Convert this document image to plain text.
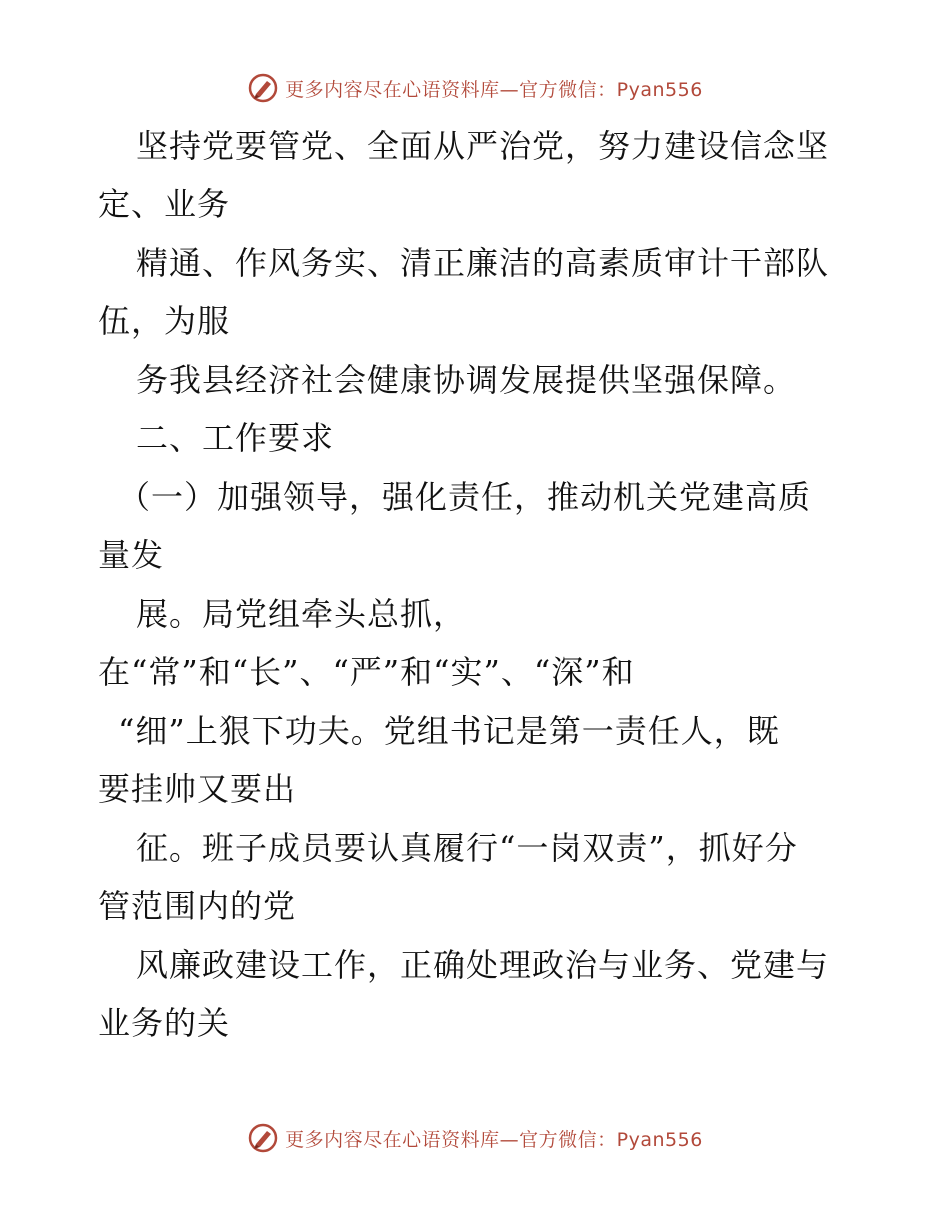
更多内容尽在心语资料库—官方微信：Pyan556
坚持党要管党、全面从严治党，努力建设信念坚
定、业务
精通、作风务实、清正廉洁的高素质审计干部队
伍，为服
务我县经济社会健康协调发展提供坚强保障。
二、工作要求
（一）加强领导，强化责任，推动机关党建高质
量发
展。局党组牵头总抓，
在“常”和“长”、“严”和“实”、“深”和
“细”上狠下功夫。党组书记是第一责任人，既
要挂帅又要出
征。班子成员要认真履行“一岗双责”，抓好分
管范围内的党
风廉政建设工作，正确处理政治与业务、党建与
业务的关
更多内容尽在心语资料库—官方微信：Pyan556
